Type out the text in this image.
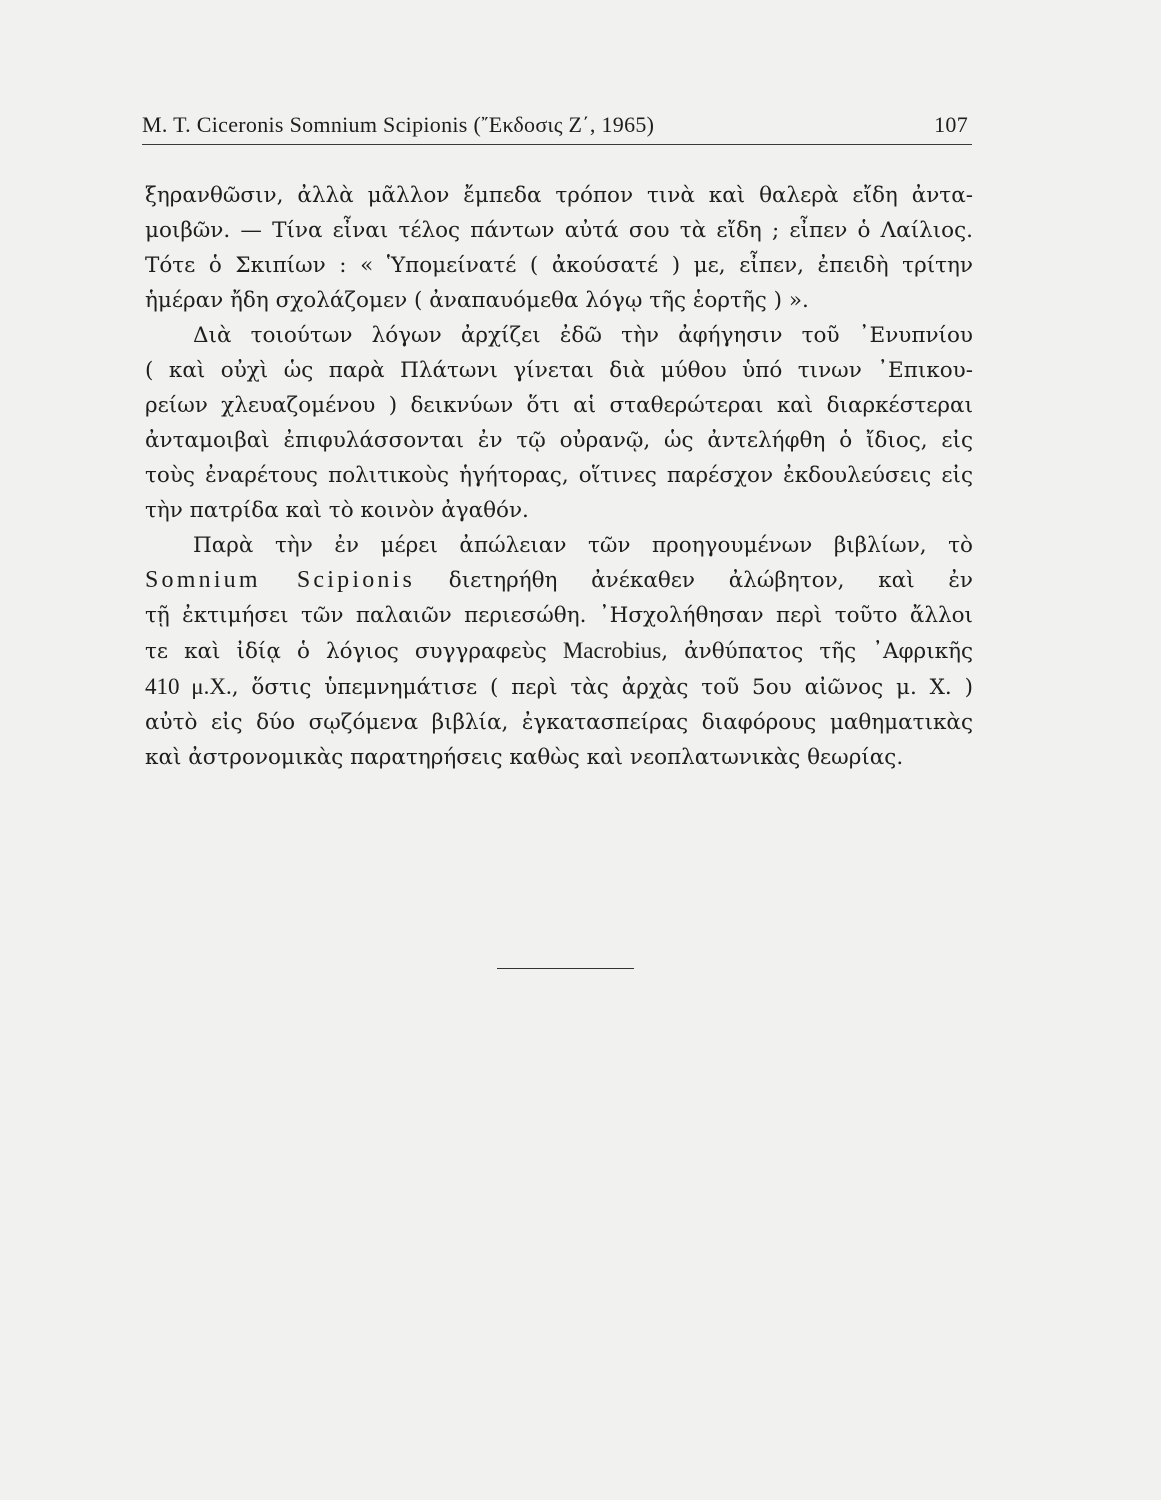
M. T. Ciceronis Somnium Scipionis (῎Εκδοσις Ζ΄, 1965)	107

ξηρανθῶσιν, ἀλλὰ μᾶλλον ἔμπεδα τρόπον τινὰ καὶ θαλερὰ εἴδη ἀντα-
μοιβῶν. — Τίνα εἶναι τέλος πάντων αὐτά σου τὰ εἴδη ; εἶπεν ὁ Λαίλιος.
Τότε ὁ Σκιπίων : « Ὑπομείνατέ ( ἀκούσατέ ) με, εἶπεν, ἐπειδὴ τρίτην
ἡμέραν ἤδη σχολάζομεν ( ἀναπαυόμεθα λόγῳ τῆς ἑορτῆς ) ».

Διὰ τοιούτων λόγων ἀρχίζει ἐδῶ τὴν ἀφήγησιν τοῦ ᾿Ενυπνίου
( καὶ οὐχὶ ὡς παρὰ Πλάτωνι γίνεται διὰ μύθου ὑπό τινων ᾿Επικου-
ρείων χλευαζομένου ) δεικνύων ὅτι αἱ σταθερώτεραι καὶ διαρκέστεραι
ἀνταμοιβαὶ ἐπιφυλάσσονται ἐν τῷ οὐρανῷ, ὡς ἀντελήφθη ὁ ἴδιος, εἰς
τοὺς ἐναρέτους πολιτικοὺς ἡγήτορας, οἵτινες παρέσχον ἐκδουλεύσεις εἰς
τὴν πατρίδα καὶ τὸ κοινὸν ἀγαθόν.

Παρὰ τὴν ἐν μέρει ἀπώλειαν τῶν προηγουμένων βιβλίων, τὸ
Somnium Scipionis διετηρήθη ἀνέκαθεν ἀλώβητον, καὶ ἐν
τῇ ἐκτιμήσει τῶν παλαιῶν περιεσώθη. ᾿Ησχολήθησαν περὶ τοῦτο ἄλλοι
τε καὶ ἰδίᾳ ὁ λόγιος συγγραφεὺς Macrobius, ἀνθύπατος τῆς ᾿Αφρικῆς
410 μ.Χ., ὅστις ὑπεμνημάτισε ( περὶ τὰς ἀρχὰς τοῦ 5ου αἰῶνος μ. Χ. )
αὐτὸ εἰς δύο σῳζόμενα βιβλία, ἐγκατασπείρας διαφόρους μαθηματικὰς
καὶ ἀστρονομικὰς παρατηρήσεις καθὼς καὶ νεοπλατωνικὰς θεωρίας.
